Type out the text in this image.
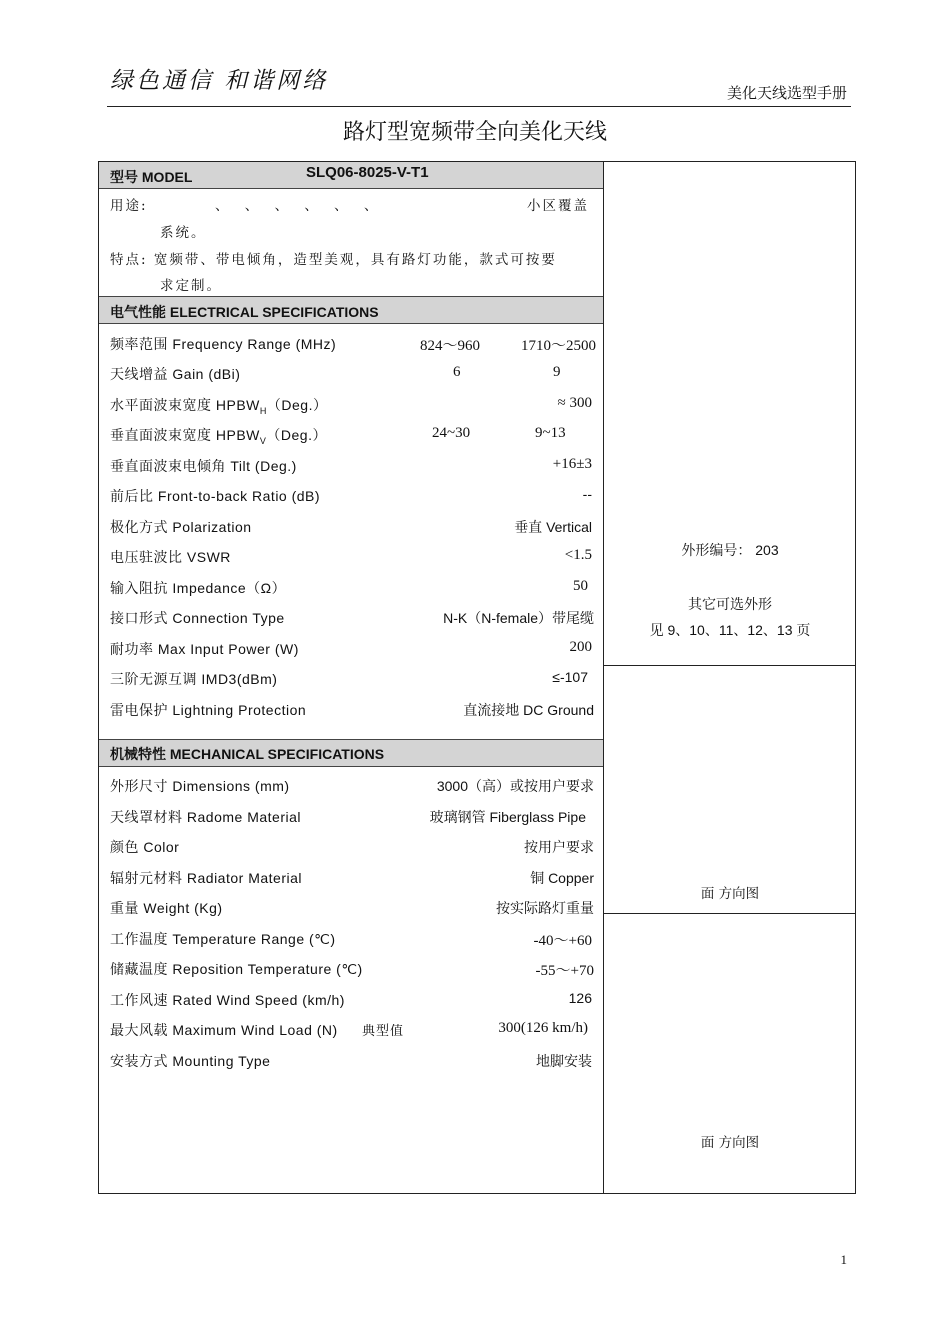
绿色通信 和谐网络	美化天线选型手册
路灯型宽频带全向美化天线
型号 MODEL	SLQ06-8025-V-T1
用途:	、 、 、 、 、 、	小区覆盖
系统。
特点: 宽频带、带电倾角，造型美观，具有路灯功能，款式可按要
求定制。
电气性能 ELECTRICAL SPECIFICATIONS
频率范围 Frequency Range (MHz)	824～960	1710～2500
天线增益 Gain (dBi)	6	9
水平面波束宽度 $HPBW_H(Deg.)$	≈ 300
垂直面波束宽度 $HPBW_V(Deg.)$	24~30	9~13
垂直面波束电倾角 Tilt (Deg.)	+16±3
前后比 Front-to-back Ratio (dB)	--
极化方式 Polarization	垂直 Vertical
电压驻波比 VSWR	<1.5
输入阻抗 Impedance（Ω）	50
接口形式 Connection Type	N-K（N-female）带尾缆
耐功率 Max Input Power (W)	200
三阶无源互调 IMD3(dBm)	≤-107
雷电保护 Lightning Protection	直流接地 DC Ground
机械特性 MECHANICAL SPECIFICATIONS
外形尺寸 Dimensions (mm)	3000（高）或按用户要求
天线罩材料 Radome Material	玻璃钢管 Fiberglass Pipe
颜色 Color	按用户要求
辐射元材料 Radiator Material	铜 Copper
重量 Weight (Kg)	按实际路灯重量
工作温度 Temperature Range (℃)	-40～+60
储藏温度 Reposition Temperature (℃)	-55～+70
工作风速 Rated Wind Speed (km/h)	126
最大风载 Maximum Wind Load (N) 典型值	300(126 km/h)
安装方式 Mounting Type	地脚安装
外形编号： 203
其它可选外形
见 9、10、11、12、13 页
面 方向图
面 方向图
1
